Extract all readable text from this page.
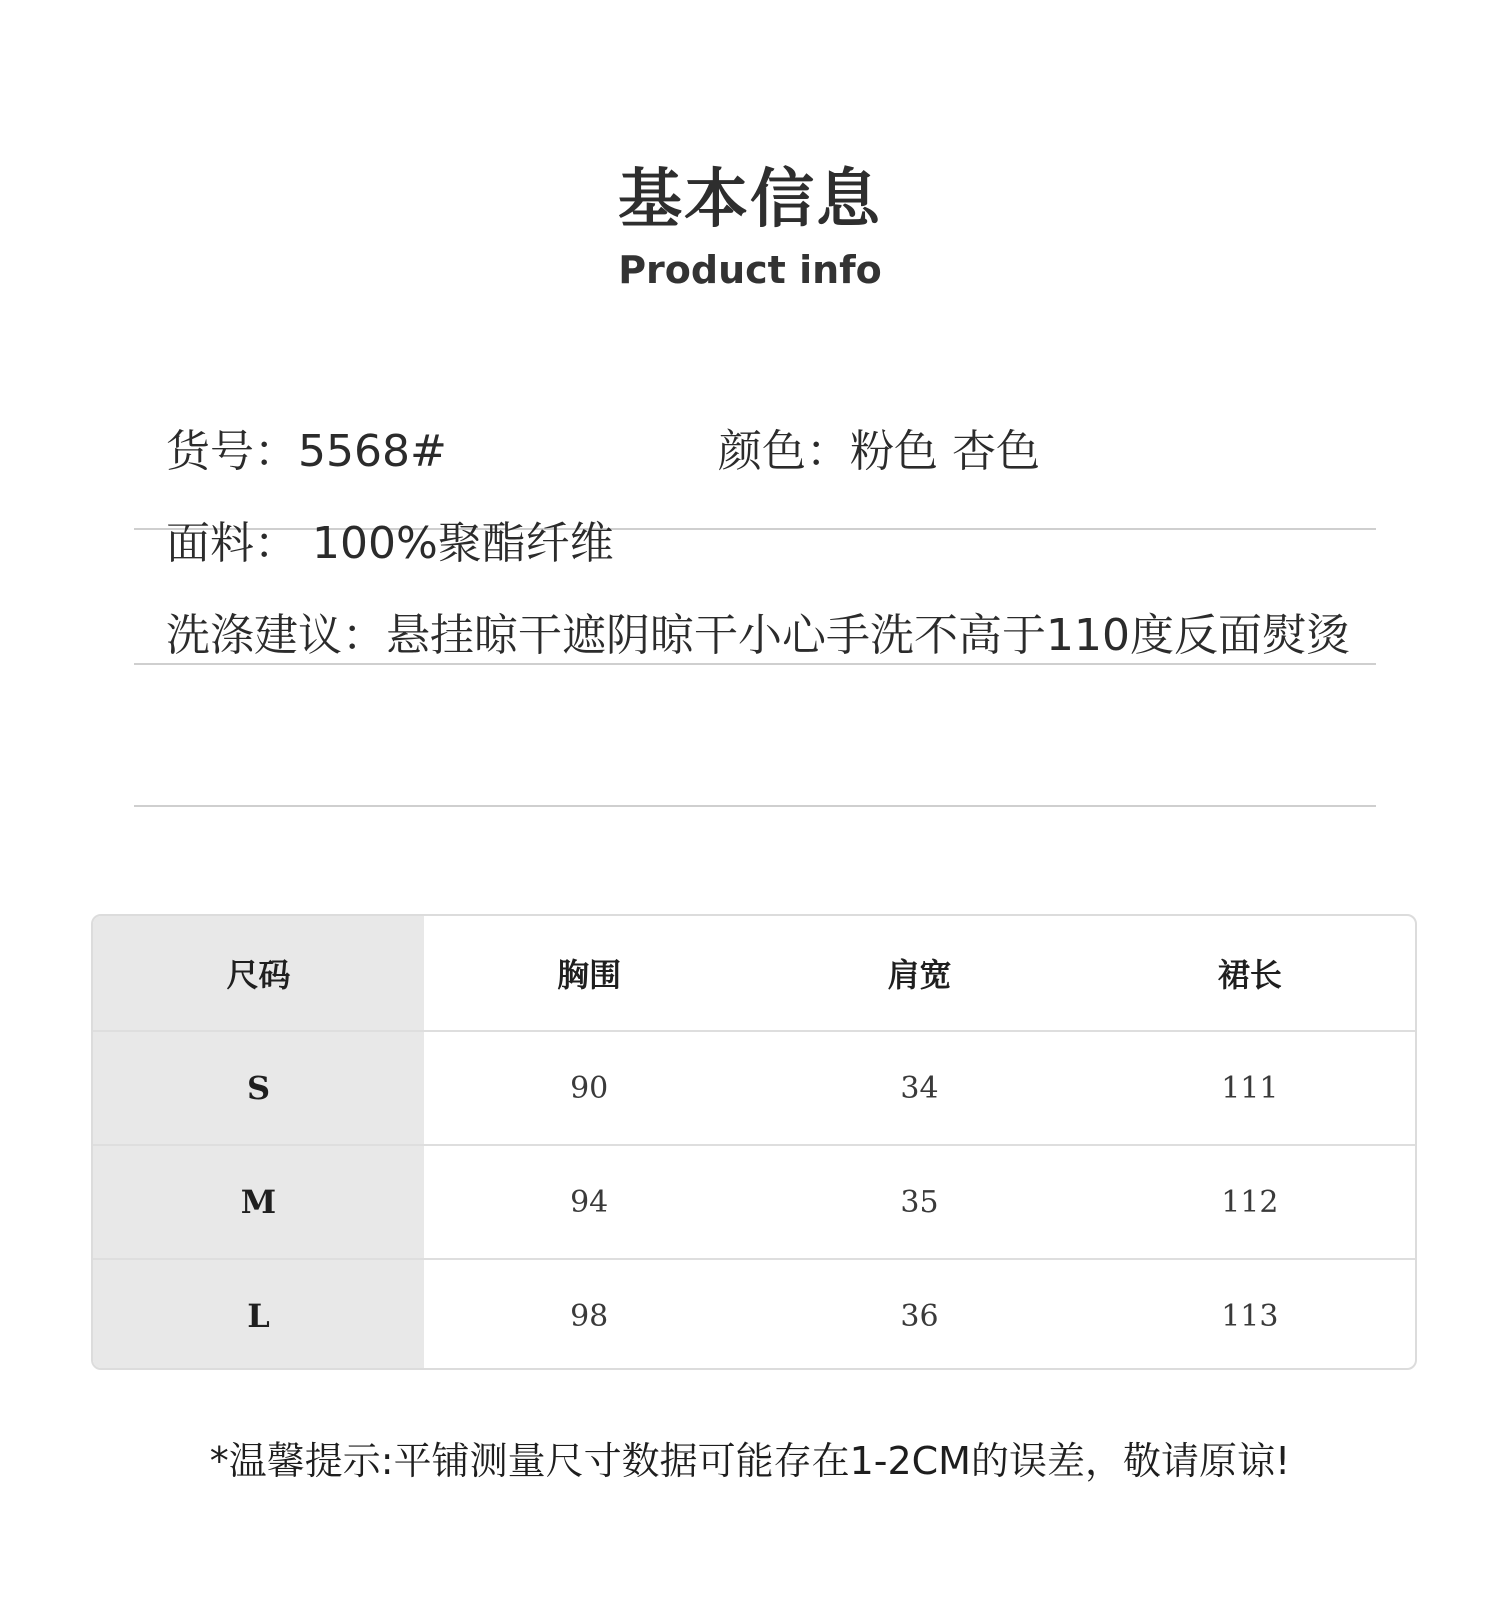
基本信息
Product info
货号：5568#	颜色：粉色 杏色
面料： 100%聚酯纤维
洗涤建议：悬挂晾干遮阴晾干小心手洗不高于110度反面熨烫
尺码	胸围	肩宽	裙长
S	90	34	111
M	94	35	112
L	98	36	113
*温馨提示:平铺测量尺寸数据可能存在1-2CM的误差，敬请原谅!
